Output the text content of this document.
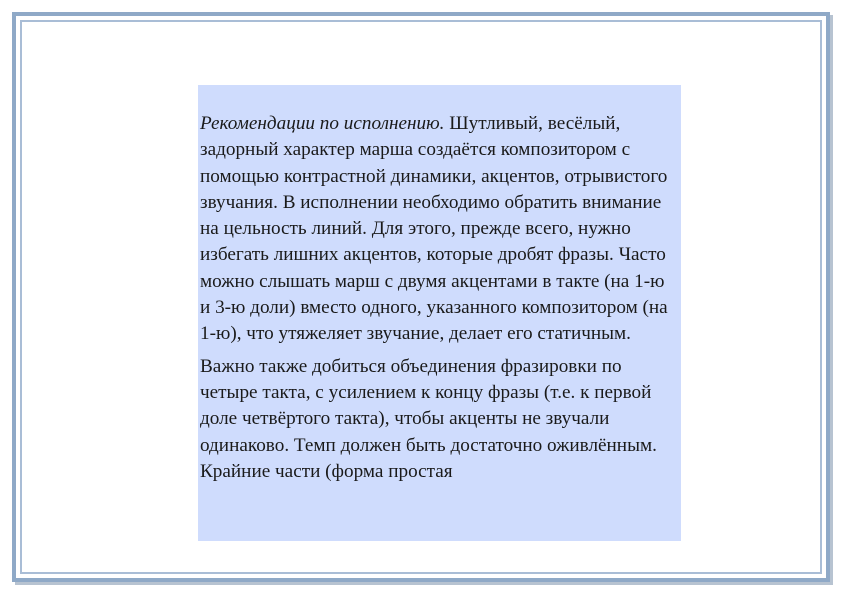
Рекомендации по исполнению. Шутливый, весёлый, задорный характер марша создаётся композитором с помощью контрастной динамики, акцентов, отрывистого звучания. В исполнении необходимо обратить внимание на цельность линий. Для этого, прежде всего, нужно избегать лишних акцентов, которые дробят фразы. Часто можно слышать марш с двумя акцентами в такте (на 1-ю и 3-ю доли) вместо одного, указанного композитором (на 1-ю), что утяжеляет звучание, делает его статичным.

Важно также добиться объединения фразировки по четыре такта, с усилением к концу фразы (т.е. к первой доле четвёртого такта), чтобы акценты не звучали одинаково. Темп должен быть достаточно оживлённым. Крайние части (форма простая
